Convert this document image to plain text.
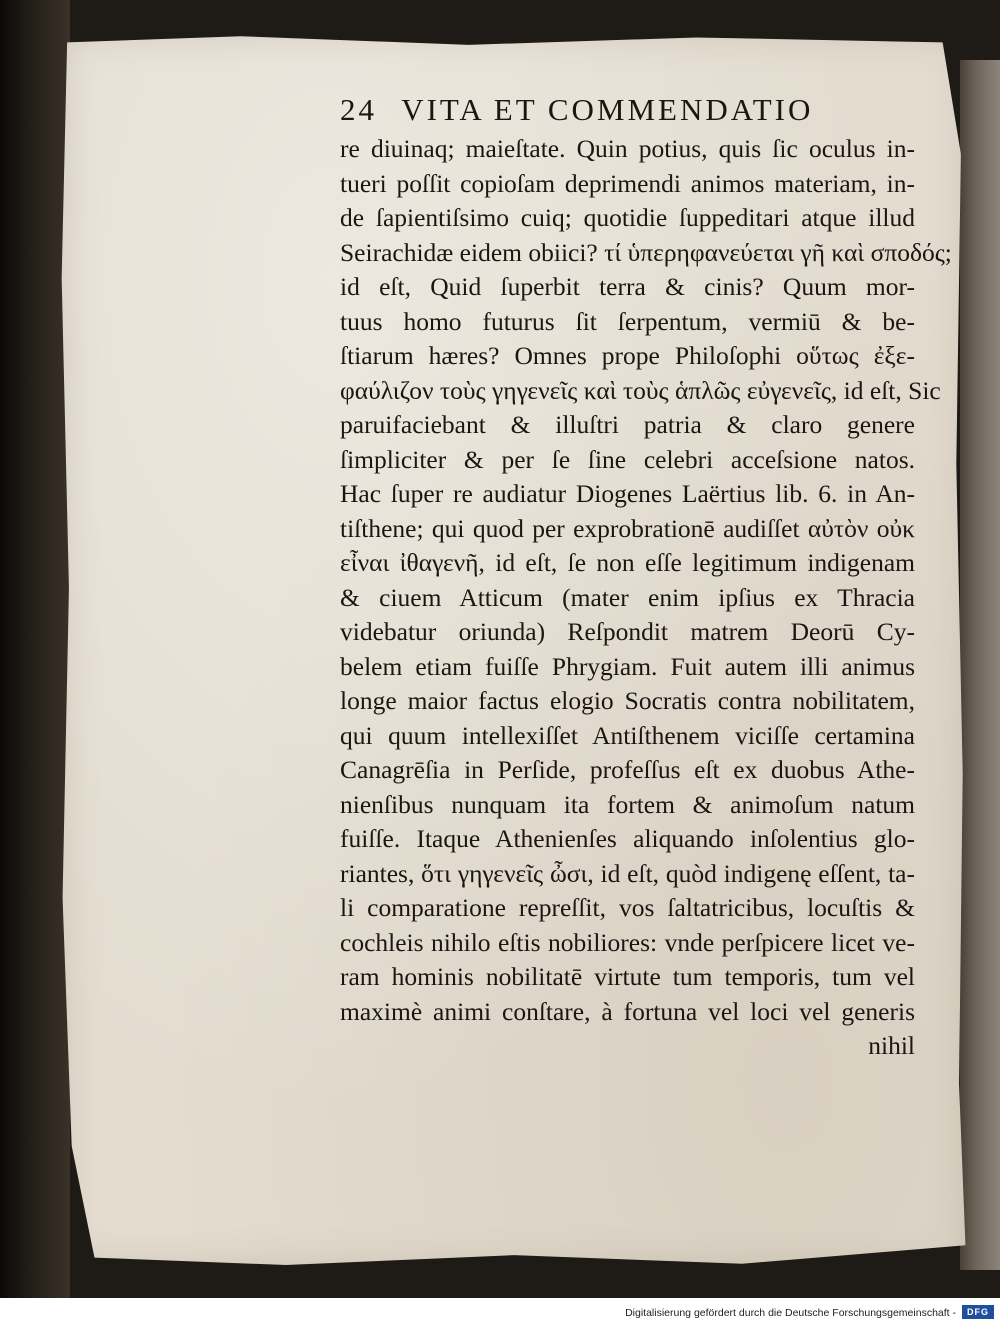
24 VITA ET COMMENDATIO
re diuinaq; maieſtate. Quin potius, quis ſic oculus in-
tueri poſſit copioſam deprimendi animos materiam, in-
de ſapientiſsimo cuiq; quotidie ſuppeditari atque illud
Seirachidæ eidem obiici? τί ὑπερηφανεύεται γῆ καὶ σποδός;
id eſt, Quid ſuperbit terra & cinis? Quum mor-
tuus homo futurus ſit ſerpentum, vermiū & be-
ſtiarum hæres? Omnes prope Philoſophi οὕτως ἐξε-
φαύλιζον τοὺς γηγενεῖς καὶ τοὺς ἁπλῶς εὐγενεῖς, id eſt, Sic
paruifaciebant & illuſtri patria & claro genere
ſimpliciter & per ſe ſine celebri acceſsione natos.
Hac ſuper re audiatur Diogenes Laërtius lib. 6. in An-
tiſthene; qui quod per exprobrationē audiſſet αὐτὸν οὐκ
εἶναι ἰθαγενῆ, id eſt, ſe non eſſe legitimum indigenam
& ciuem Atticum (mater enim ipſius ex Thracia
videbatur oriunda) Reſpondit matrem Deorū Cy-
belem etiam fuiſſe Phrygiam. Fuit autem illi animus
longe maior factus elogio Socratis contra nobilitatem,
qui quum intellexiſſet Antiſthenem viciſſe certamina
Canagrēſia in Perſide, profeſſus eſt ex duobus Athe-
nienſibus nunquam ita fortem & animoſum natum
fuiſſe. Itaque Athenienſes aliquando inſolentius glo-
riantes, ὅτι γηγενεῖς ὦσι, id eſt, quòd indigenę eſſent, ta-
li comparatione repreſſit, vos ſaltatricibus, locuſtis &
cochleis nihilo eſtis nobiliores: vnde perſpicere licet ve-
ram hominis nobilitatē virtute tum temporis, tum vel
maximè animi conſtare, à fortuna vel loci vel generis
nihil
Digitalisierung gefördert durch die Deutsche Forschungsgemeinschaft -	DFG
